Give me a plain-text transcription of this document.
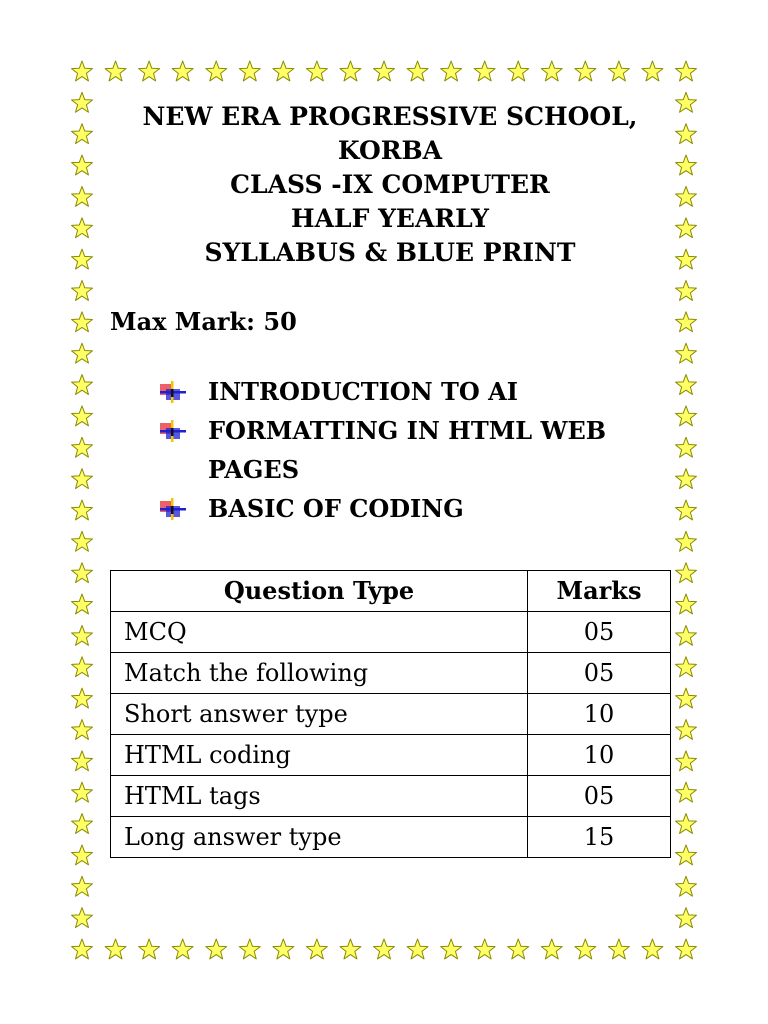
NEW ERA PROGRESSIVE SCHOOL,
KORBA
CLASS -IX COMPUTER
HALF YEARLY
SYLLABUS & BLUE PRINT
Max Mark: 50
INTRODUCTION TO AI
FORMATTING IN HTML WEB PAGES
BASIC OF CODING
Question Type	Marks
MCQ	05
Match the following	05
Short answer type	10
HTML coding	10
HTML tags	05
Long answer type	15
